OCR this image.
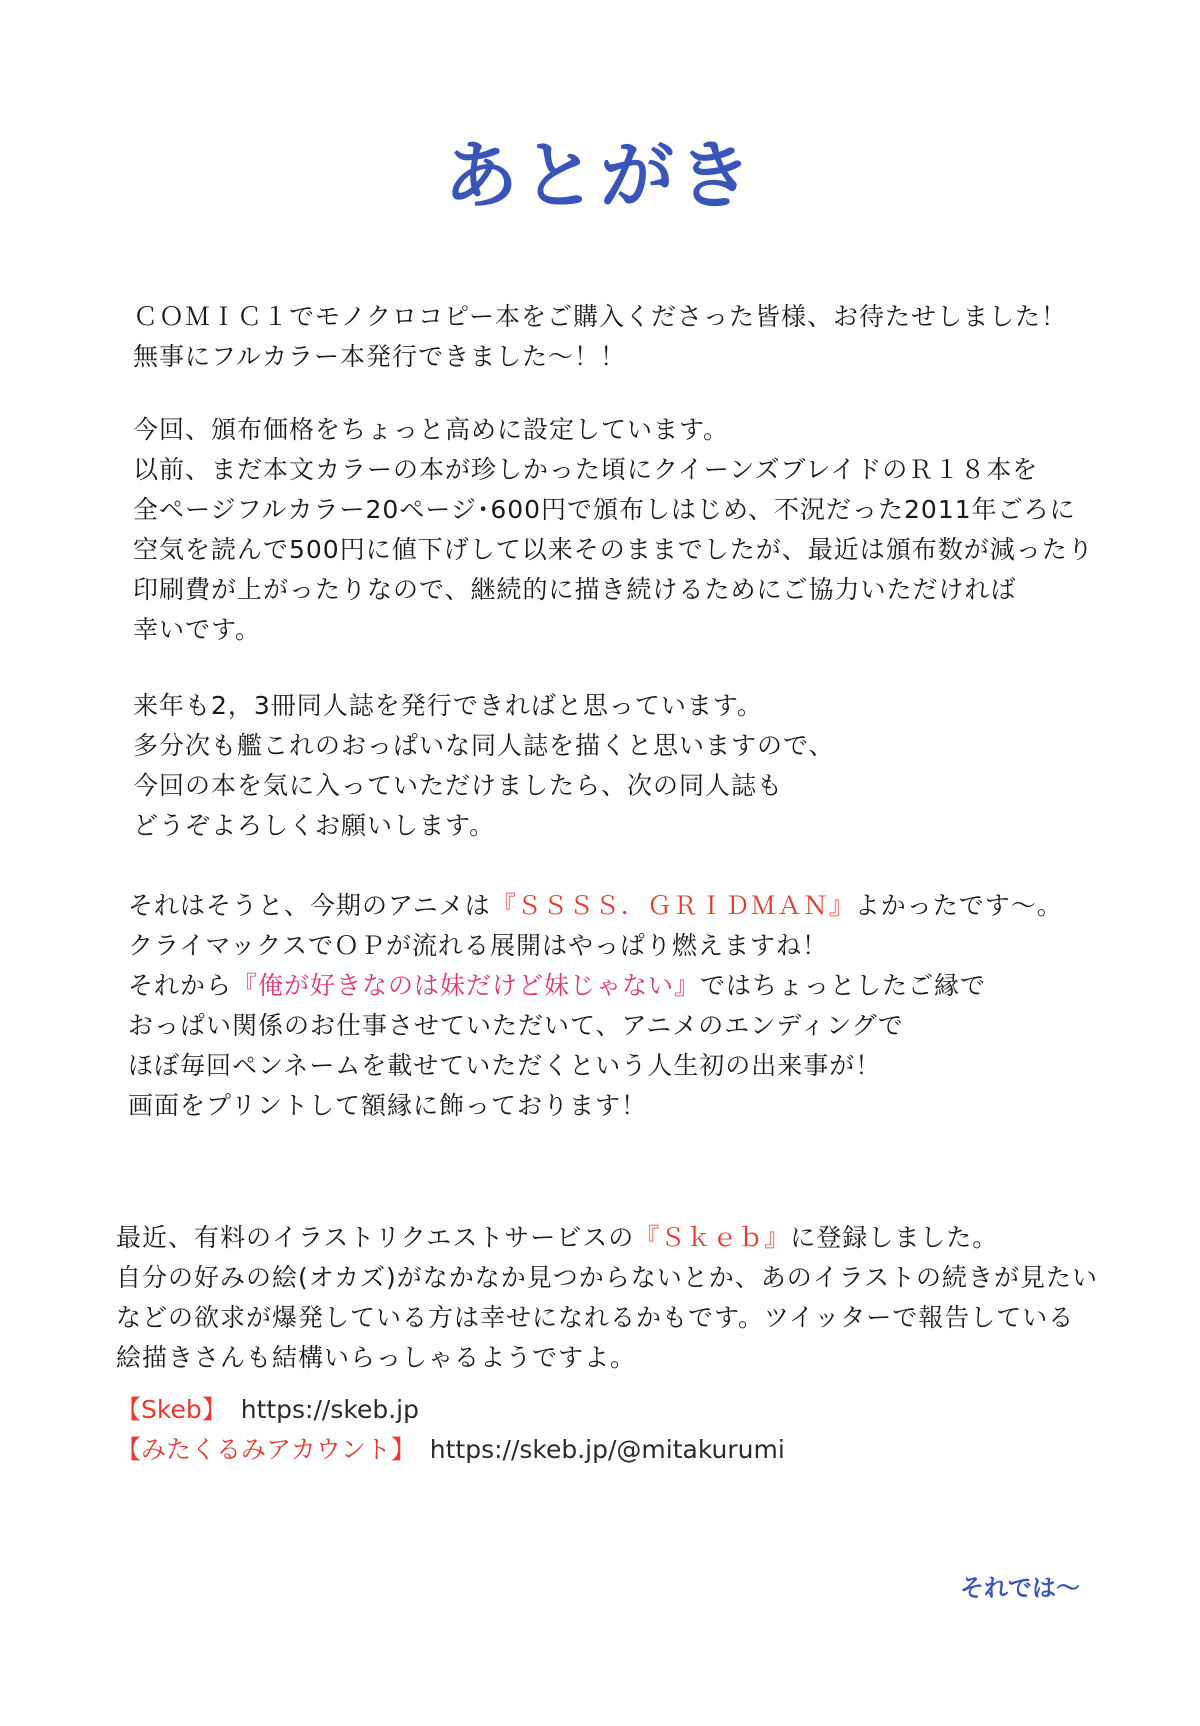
あとがき
ＣＯＭＩＣ１でモノクロコピー本をご購入くださった皆様、お待たせしました！
無事にフルカラー本発行できました～！！
今回、頒布価格をちょっと高めに設定しています。
以前、まだ本文カラーの本が珍しかった頃にクイーンズブレイドのＲ１８本を
全ページフルカラー20ページ･600円で頒布しはじめ、不況だった2011年ごろに
空気を読んで500円に値下げして以来そのままでしたが、最近は頒布数が減ったり
印刷費が上がったりなので、継続的に描き続けるためにご協力いただければ
幸いです。
来年も2，3冊同人誌を発行できればと思っています。
多分次も艦これのおっぱいな同人誌を描くと思いますので、
今回の本を気に入っていただけましたら、次の同人誌も
どうぞよろしくお願いします。
それはそうと、今期のアニメは『ＳＳＳＳ．ＧＲＩＤＭＡＮ』よかったです～。
クライマックスでＯＰが流れる展開はやっぱり燃えますね！
それから『俺が好きなのは妹だけど妹じゃない』ではちょっとしたご縁で
おっぱい関係のお仕事させていただいて、アニメのエンディングで
ほぼ毎回ペンネームを載せていただくという人生初の出来事が！
画面をプリントして額縁に飾っております！
最近、有料のイラストリクエストサービスの『Ｓｋｅｂ』に登録しました。
自分の好みの絵(オカズ)がなかなか見つからないとか、あのイラストの続きが見たい
などの欲求が爆発している方は幸せになれるかもです。ツイッターで報告している
絵描きさんも結構いらっしゃるようですよ。
【Skeb】 https://skeb.jp
【みたくるみアカウント】 https://skeb.jp/@mitakurumi
それでは～
